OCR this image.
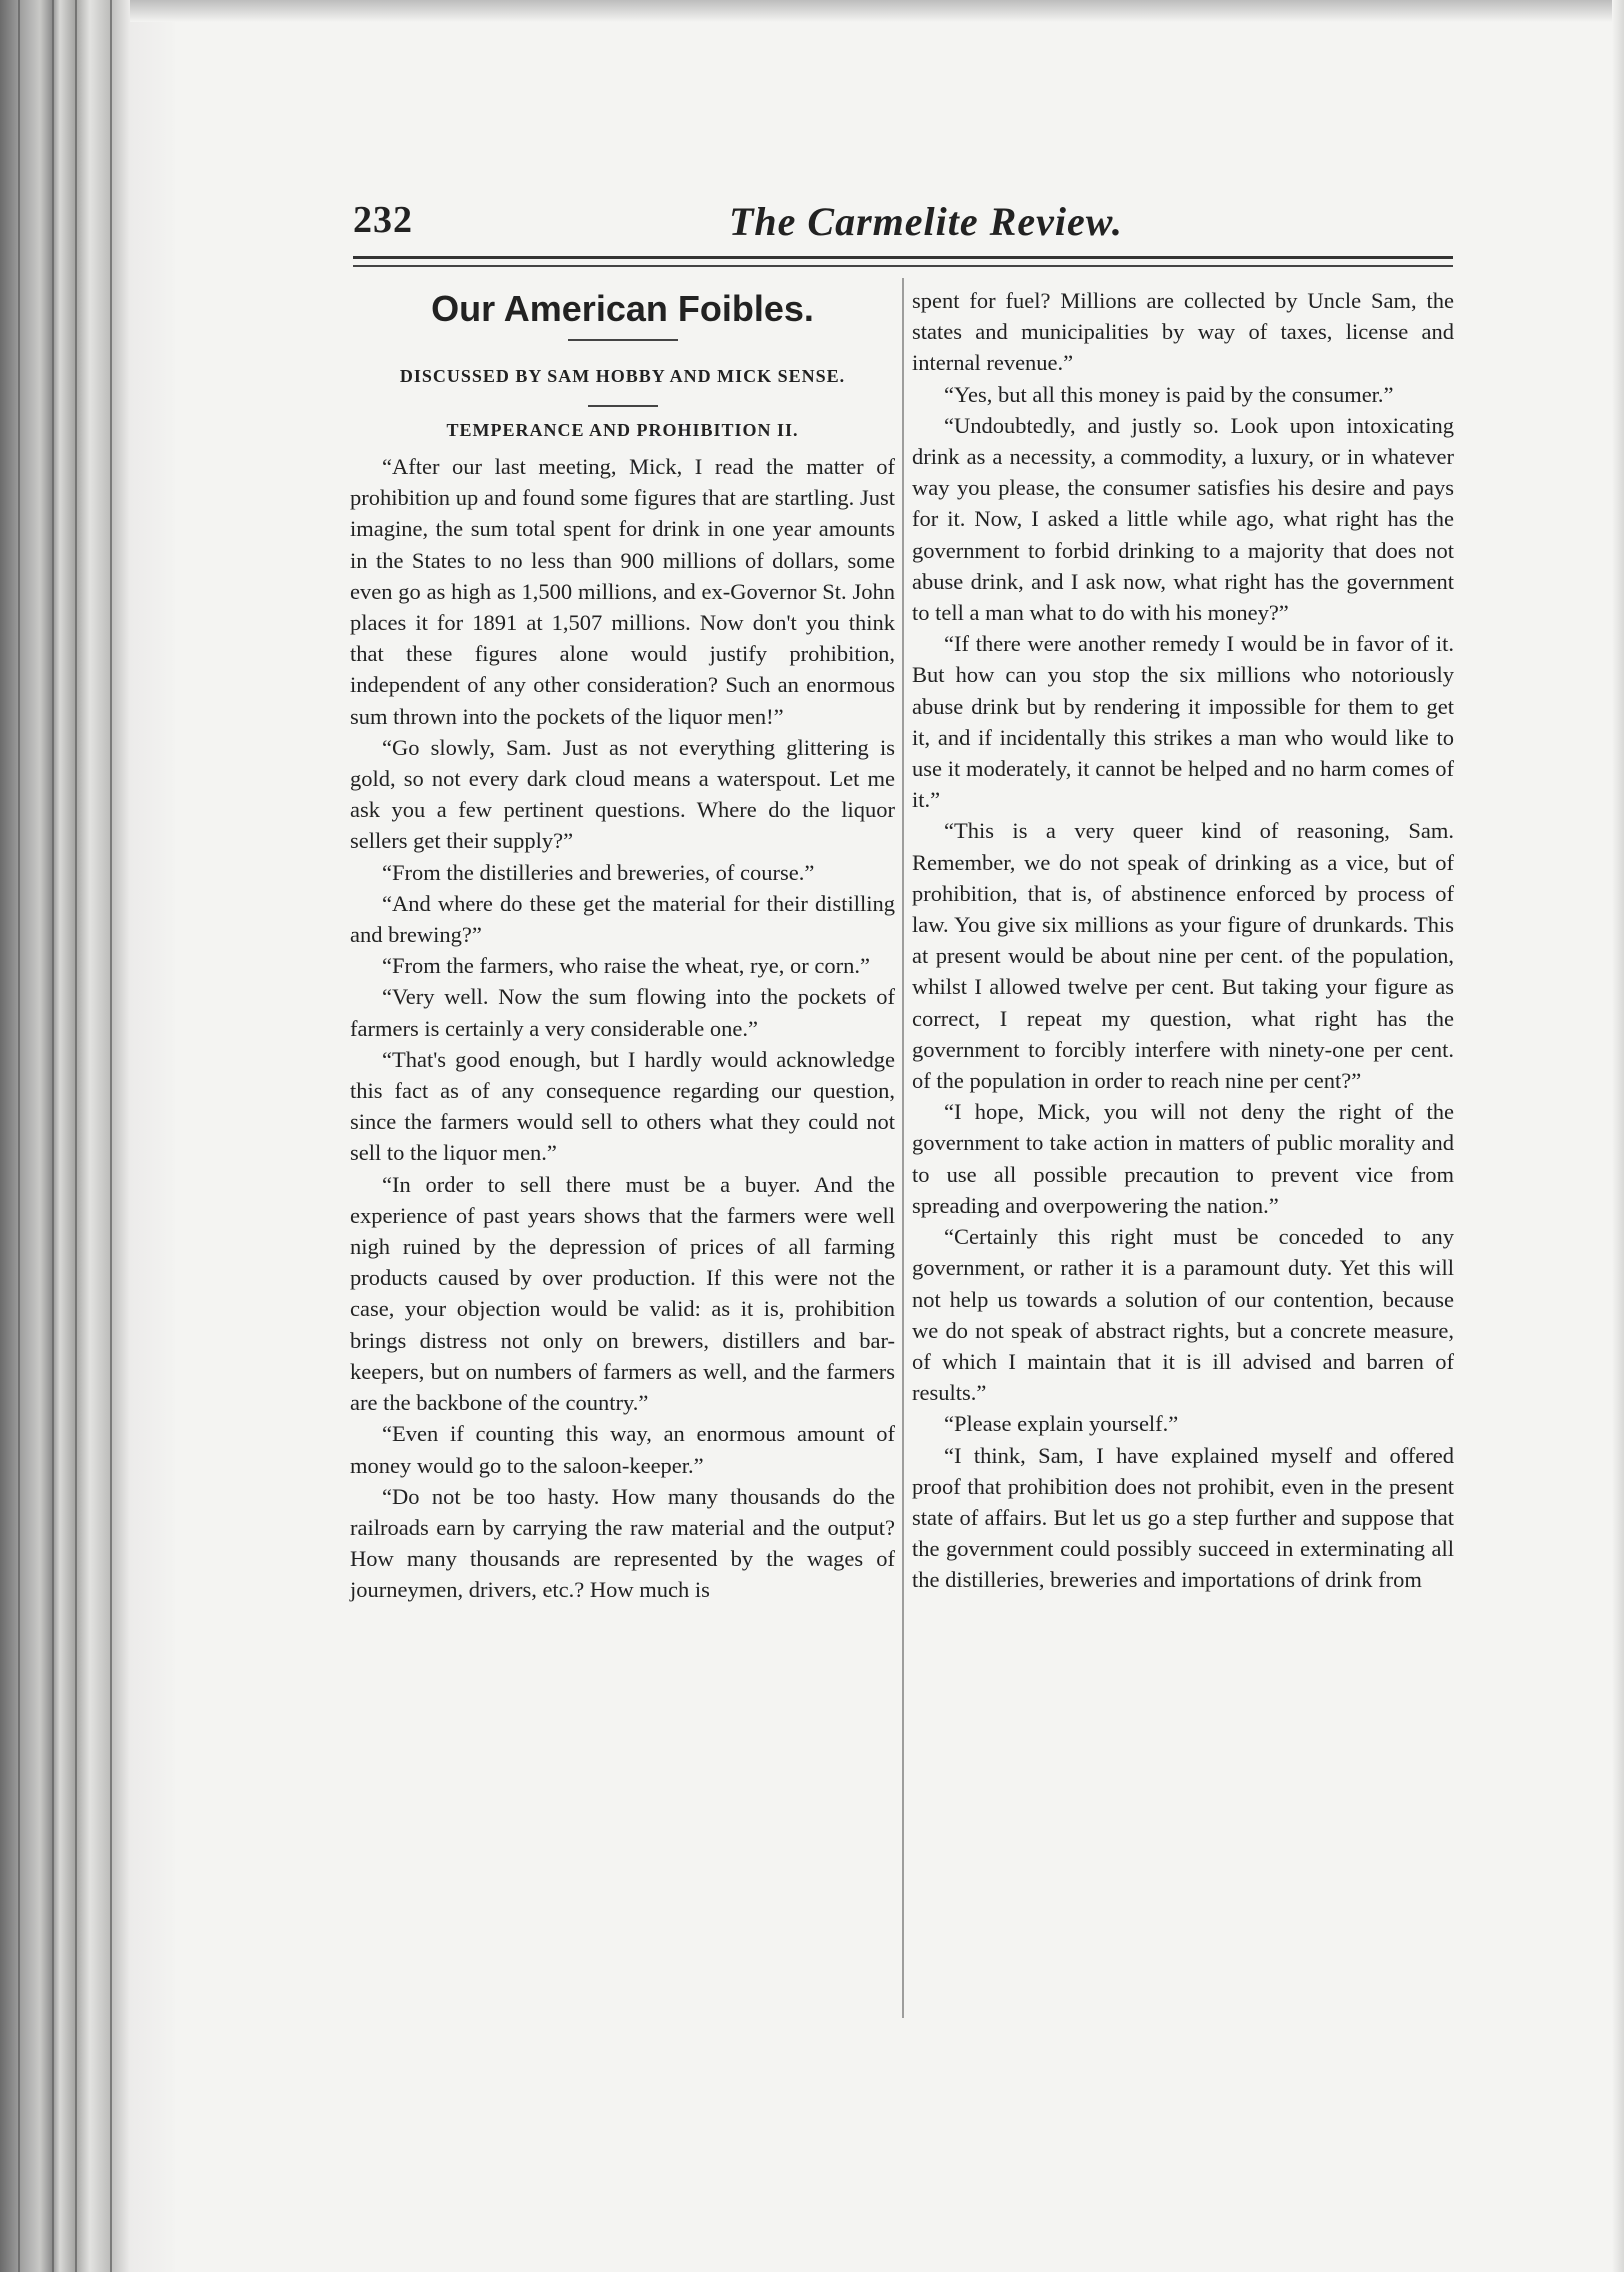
232	The Carmelite Review.
Our American Foibles.
DISCUSSED BY SAM HOBBY AND MICK SENSE.
TEMPERANCE AND PROHIBITION II.

“After our last meeting, Mick, I read the matter of prohibition up and found some figures that are startling. Just imagine, the sum total spent for drink in one year amounts in the States to no less than 900 millions of dollars, some even go as high as 1,500 millions, and ex-Governor St. John places it for 1891 at 1,507 millions. Now don't you think that these figures alone would justify prohibition, independent of any other consideration? Such an enormous sum thrown into the pockets of the liquor men!”

“Go slowly, Sam. Just as not everything glittering is gold, so not every dark cloud means a waterspout. Let me ask you a few pertinent questions. Where do the liquor sellers get their supply?”

“From the distilleries and breweries, of course.”

“And where do these get the material for their distilling and brewing?”

“From the farmers, who raise the wheat, rye, or corn.”

“Very well. Now the sum flowing into the pockets of farmers is certainly a very considerable one.”

“That's good enough, but I hardly would acknowledge this fact as of any consequence regarding our question, since the farmers would sell to others what they could not sell to the liquor men.”

“In order to sell there must be a buyer. And the experience of past years shows that the farmers were well nigh ruined by the depression of prices of all farming products caused by over production. If this were not the case, your objection would be valid: as it is, prohibition brings distress not only on brewers, distillers and bar-keepers, but on numbers of farmers as well, and the farmers are the backbone of the country.”

“Even if counting this way, an enormous amount of money would go to the saloon-keeper.”

“Do not be too hasty. How many thousands do the railroads earn by carrying the raw material and the output? How many thousands are represented by the wages of journeymen, drivers, etc.? How much is

spent for fuel? Millions are collected by Uncle Sam, the states and municipalities by way of taxes, license and internal revenue.”

“Yes, but all this money is paid by the consumer.”

“Undoubtedly, and justly so. Look upon intoxicating drink as a necessity, a commodity, a luxury, or in whatever way you please, the consumer satisfies his desire and pays for it. Now, I asked a little while ago, what right has the government to forbid drinking to a majority that does not abuse drink, and I ask now, what right has the government to tell a man what to do with his money?”

“If there were another remedy I would be in favor of it. But how can you stop the six millions who notoriously abuse drink but by rendering it impossible for them to get it, and if incidentally this strikes a man who would like to use it moderately, it cannot be helped and no harm comes of it.”

“This is a very queer kind of reasoning, Sam. Remember, we do not speak of drinking as a vice, but of prohibition, that is, of abstinence enforced by process of law. You give six millions as your figure of drunkards. This at present would be about nine per cent. of the population, whilst I allowed twelve per cent. But taking your figure as correct, I repeat my question, what right has the government to forcibly interfere with ninety-one per cent. of the population in order to reach nine per cent?”

“I hope, Mick, you will not deny the right of the government to take action in matters of public morality and to use all possible precaution to prevent vice from spreading and overpowering the nation.”

“Certainly this right must be conceded to any government, or rather it is a paramount duty. Yet this will not help us towards a solution of our contention, because we do not speak of abstract rights, but a concrete measure, of which I maintain that it is ill advised and barren of results.”

“Please explain yourself.”

“I think, Sam, I have explained myself and offered proof that prohibition does not prohibit, even in the present state of affairs. But let us go a step further and suppose that the government could possibly succeed in exterminating all the distilleries, breweries and importations of drink from
